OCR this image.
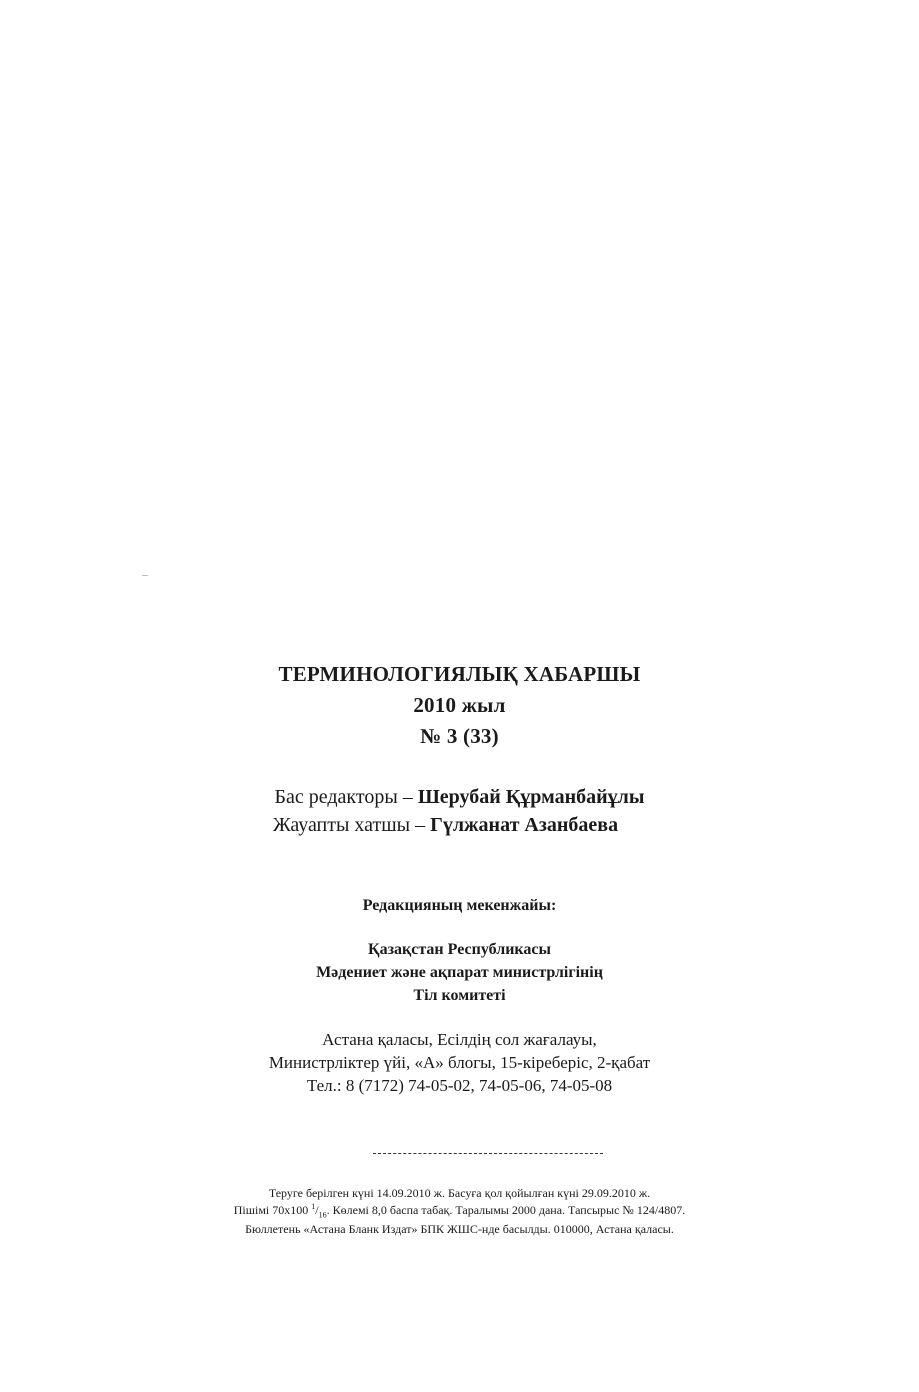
ТЕРМИНОЛОГИЯЛЫҚ ХАБАРШЫ
2010 жыл
№ 3 (33)
Бас редакторы – Шерубай Құрманбайұлы
Жауапты хатшы – Гүлжанат Азанбаева
Редакцияның мекенжайы:
Қазақстан Республикасы
Мәдениет және ақпарат министрлігінің
Тіл комитеті
Астана қаласы, Есілдің сол жағалауы,
Министрліктер үйі, «А» блогы, 15-кіреберіс, 2-қабат
Тел.: 8 (7172) 74-05-02, 74-05-06, 74-05-08
Теруге берілген күні 14.09.2010 ж. Басуға қол қойылған күні 29.09.2010 ж.
Пішімі 70х100 $^1/_{16}$. Көлемі 8,0 баспа табақ. Таралымы 2000 дана. Тапсырыс № 124/4807.
Бюллетень «Астана Бланк Издат» БПК ЖШС-нде басылды. 010000, Астана қаласы.
